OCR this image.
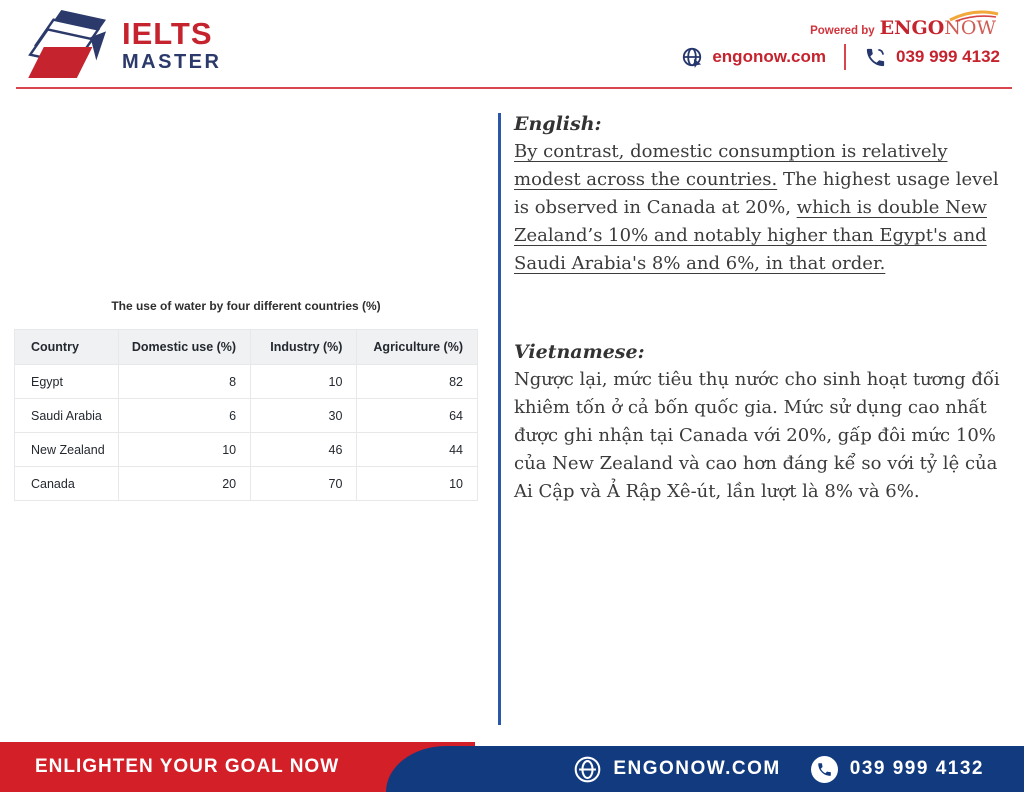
IELTS
MASTER
Powered by ENGONOW
engonow.com	039 999 4132
The use of water by four different countries (%)
Country	Domestic use (%)	Industry (%)	Agriculture (%)
Egypt	8	10	82
Saudi Arabia	6	30	64
New Zealand	10	46	44
Canada	20	70	10
English:

By contrast, domestic consumption is relatively modest across the countries. The highest usage level is observed in Canada at 20%, which is double New Zealand’s 10% and notably higher than Egypt's and Saudi Arabia's 8% and 6%, in that order.

Vietnamese:

Ngược lại, mức tiêu thụ nước cho sinh hoạt tương đối khiêm tốn ở cả bốn quốc gia. Mức sử dụng cao nhất được ghi nhận tại Canada với 20%, gấp đôi mức 10% của New Zealand và cao hơn đáng kể so với tỷ lệ của Ai Cập và Ả Rập Xê-út, lần lượt là 8% và 6%.

ENLIGHTEN YOUR GOAL NOW	ENGONOW.COM	039 999 4132
